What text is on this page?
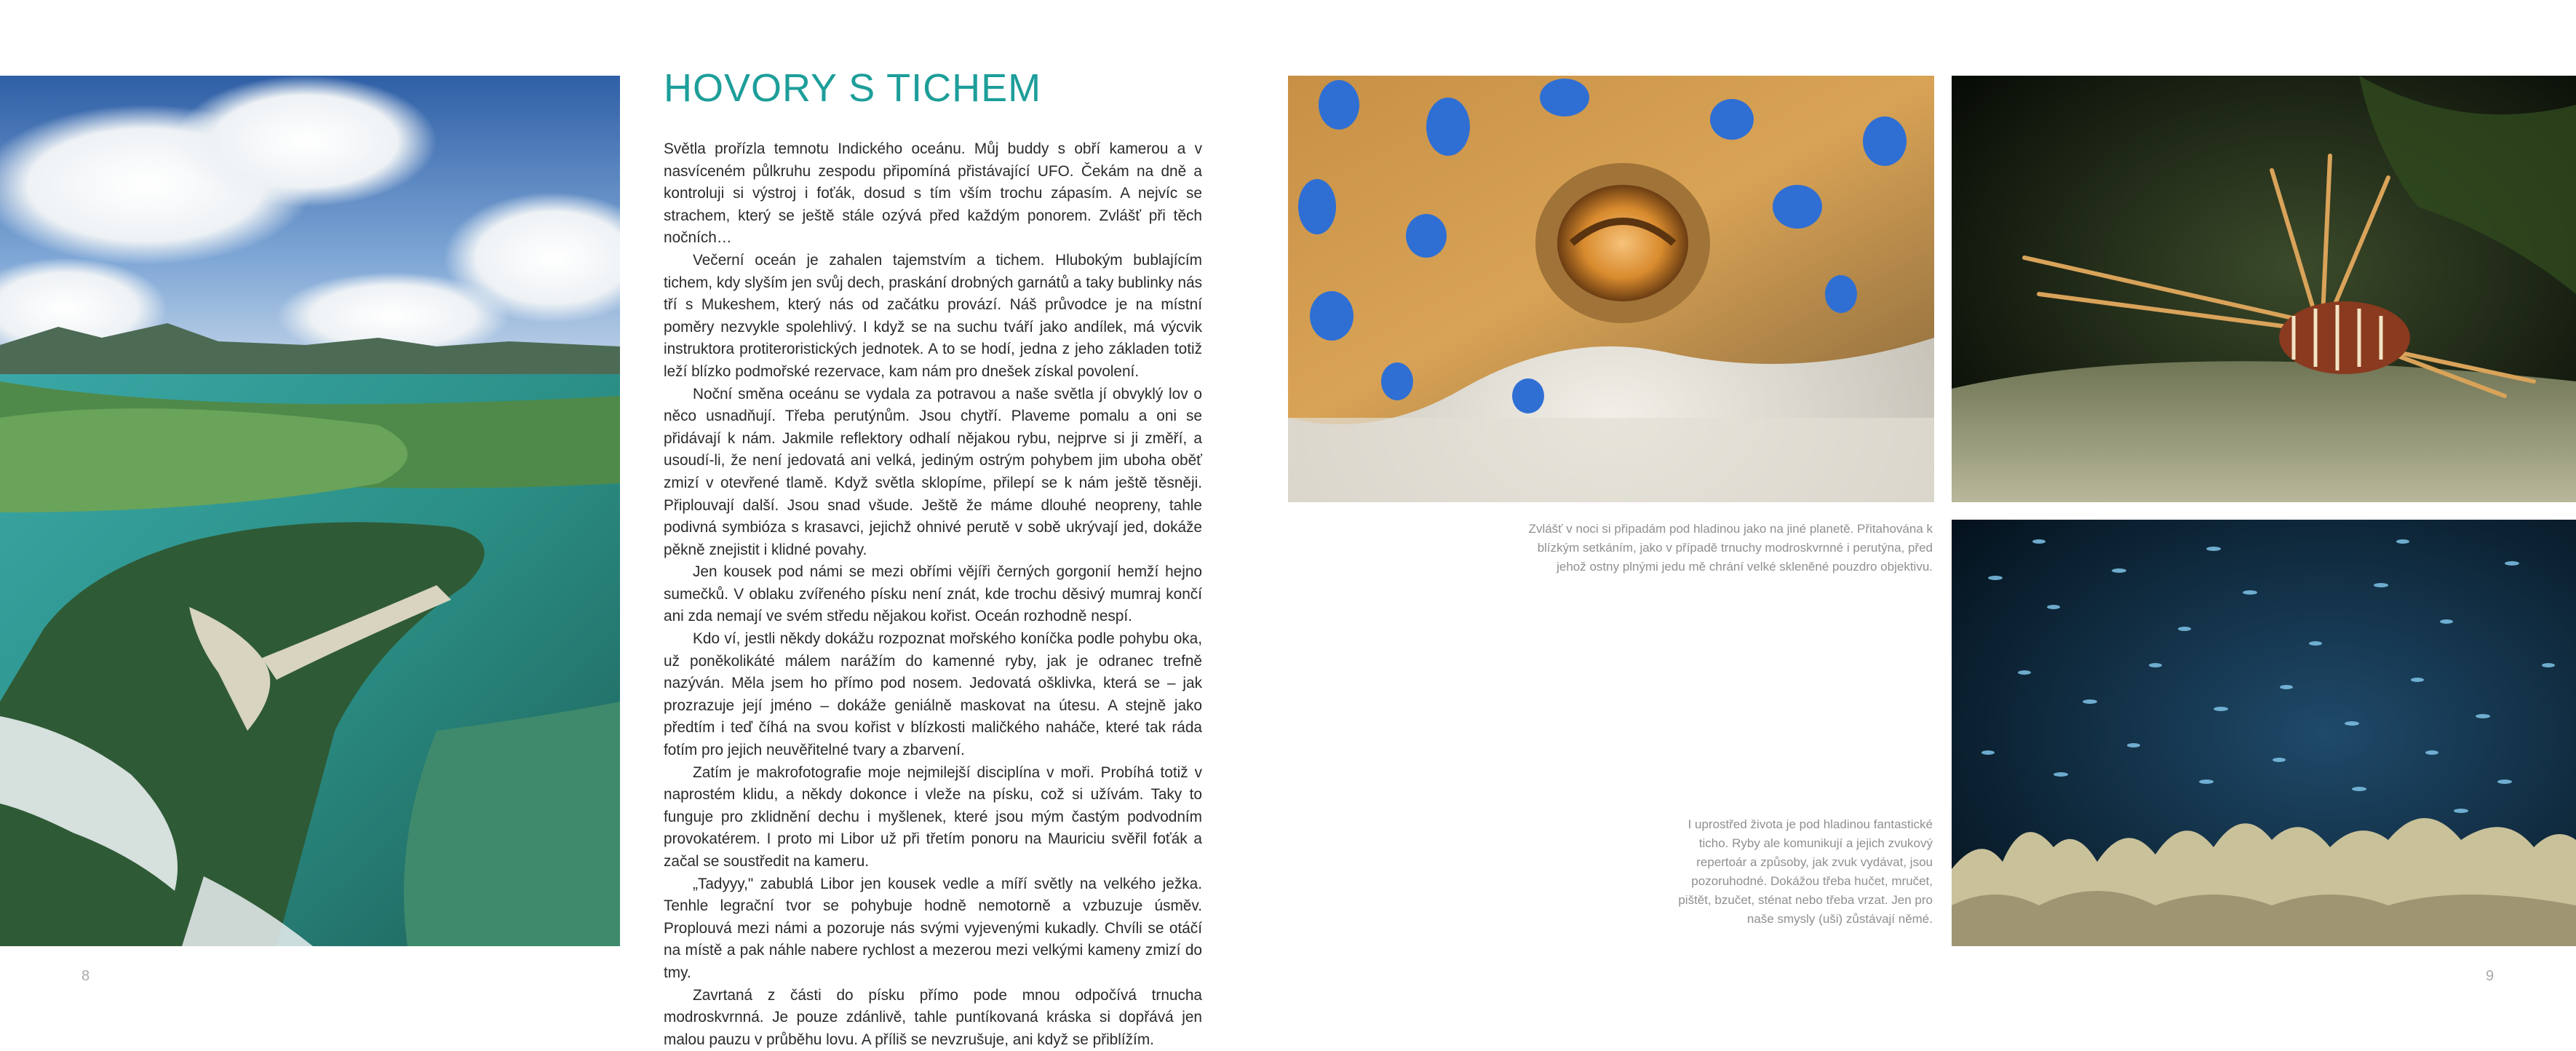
HOVORY S TICHEM

Světla prořízla temnotu Indického oceánu. Můj buddy s obří kamerou a v nasvíceném půlkruhu zespodu připomíná přistávající UFO. Čekám na dně a kontroluji si výstroj i foťák, dosud s tím vším trochu zápasím. A nejvíc se strachem, který se ještě stále ozývá před každým ponorem. Zvlášť při těch nočních…

Večerní oceán je zahalen tajemstvím a tichem. Hlubokým bublajícím tichem, kdy slyším jen svůj dech, praskání drobných garnátů a taky bublinky nás tří s Mukeshem, který nás od začátku provází. Náš průvodce je na místní poměry nezvykle spolehlivý. I když se na suchu tváří jako andílek, má výcvik instruktora protiteroristických jednotek. A to se hodí, jedna z jeho základen totiž leží blízko podmořské rezervace, kam nám pro dnešek získal povolení.

Noční směna oceánu se vydala za potravou a naše světla jí obvyklý lov o něco usnadňují. Třeba perutýnům. Jsou chytří. Plaveme pomalu a oni se přidávají k nám. Jakmile reflektory odhalí nějakou rybu, nejprve si ji změří, a usoudí-li, že není jedovatá ani velká, jediným ostrým pohybem jim uboha oběť zmizí v otevřené tlamě. Když světla sklopíme, přilepí se k nám ještě těsněji. Připlouvají další. Jsou snad všude. Ještě že máme dlouhé neopreny, tahle podivná symbióza s krasavci, jejichž ohnivé perutě v sobě ukrývají jed, dokáže pěkně znejistit i klidné povahy.

Jen kousek pod námi se mezi obřími vějíři černých gorgonií hemží hejno sumečků. V oblaku zvířeného písku není znát, kde trochu děsivý mumraj končí ani zda nemají ve svém středu nějakou kořist. Oceán rozhodně nespí.

Kdo ví, jestli někdy dokážu rozpoznat mořského koníčka podle pohybu oka, už poněkolikáté málem narážím do kamenné ryby, jak je odranec trefně nazýván. Měla jsem ho přímo pod nosem. Jedovatá ošklivka, která se – jak prozrazuje její jméno – dokáže geniálně maskovat na útesu. A stejně jako předtím i teď číhá na svou kořist v blízkosti maličkého naháče, které tak ráda fotím pro jejich neuvěřitelné tvary a zbarvení.

Zatím je makrofotografie moje nejmilejší disciplína v moři. Probíhá totiž v naprostém klidu, a někdy dokonce i vleže na písku, což si užívám. Taky to funguje pro zklidnění dechu i myšlenek, které jsou mým častým podvodním provokatérem. I proto mi Libor už při třetím ponoru na Mauriciu svěřil foťák a začal se soustředit na kameru.

„Tadyyy," zabublá Libor jen kousek vedle a míří světly na velkého ježka. Tenhle legrační tvor se pohybuje hodně nemotorně a vzbuzuje úsměv. Proplouvá mezi námi a pozoruje nás svými vyjevenými kukadly. Chvíli se otáčí na místě a pak náhle nabere rychlost a mezerou mezi velkými kameny zmizí do tmy.

Zavrtaná z části do písku přímo pode mnou odpočívá trnucha modroskvrnná. Je pouze zdánlivě, tahle puntíkovaná kráska si dopřává jen malou pauzu v průběhu lovu. A příliš se nevzrušuje, ani když se přiblížím.

Zvlášť v noci si připadám pod hladinou jako na jiné planetě. Přitahována k blízkým setkáním, jako v případě trnuchy modroskvrnné i perutýna, před jehož ostny plnými jedu mě chrání velké skleněné pouzdro objektivu.
I uprostřed života je pod hladinou fantastické ticho. Ryby ale komunikují a jejich zvukový repertoár a způsoby, jak zvuk vydávat, jsou pozoruhodné. Dokážou třeba hučet, mručet, pištět, bzučet, sténat nebo třeba vrzat. Jen pro naše smysly (uši) zůstávají němé.
8	9
